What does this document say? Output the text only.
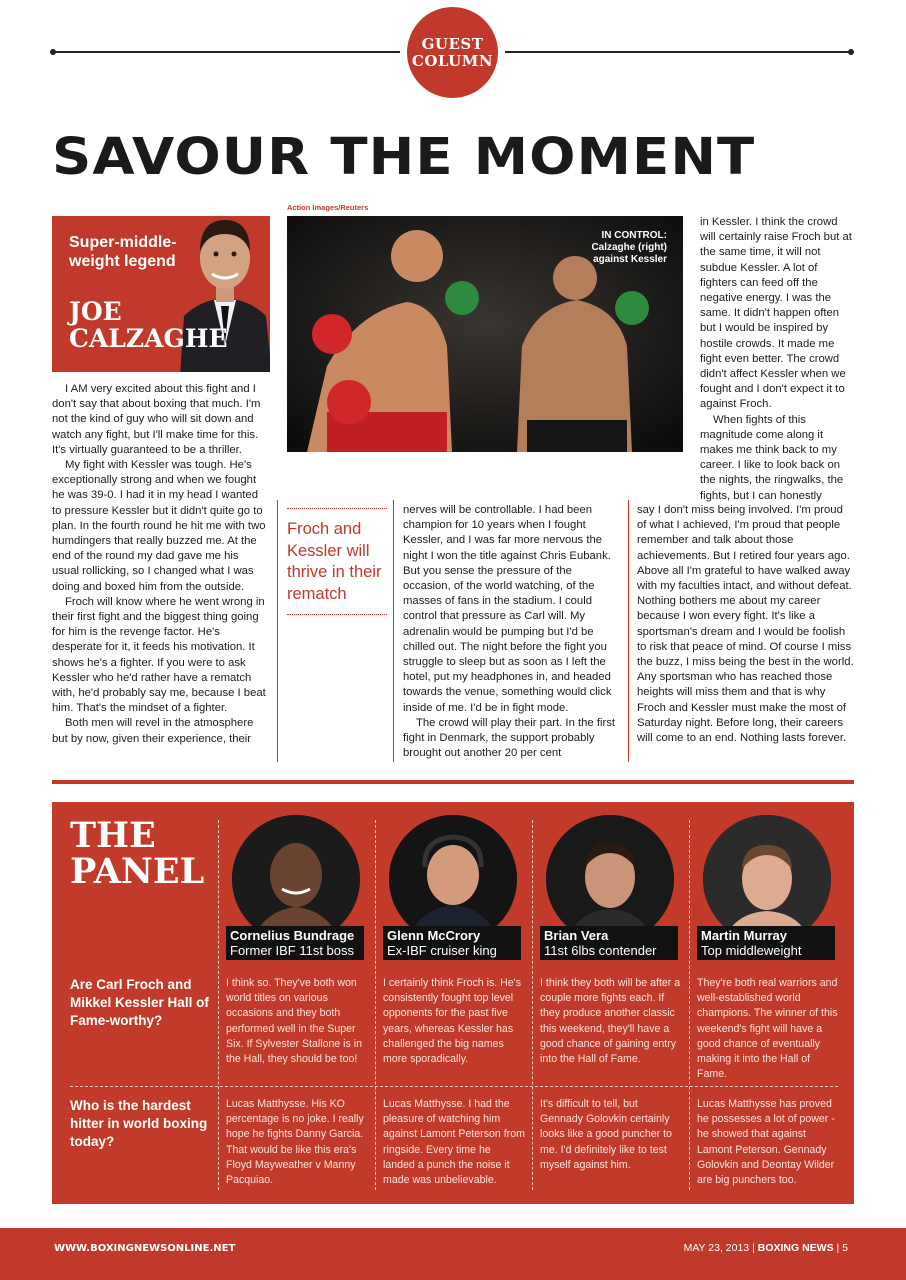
GUEST
COLUMN
SAVOUR THE MOMENT
Action Images/Reuters
Super-middle-
weight legend
JOE
CALZAGHE
IN CONTROL:
Calzaghe (right)
against Kessler

I AM very excited about this fight and I don't say that about boxing that much. I'm not the kind of guy who will sit down and watch any fight, but I'll make time for this. It's virtually guaranteed to be a thriller.

My fight with Kessler was tough. He's exceptionally strong and when we fought he was 39-0. I had it in my head I wanted to pressure Kessler but it didn't quite go to plan. In the fourth round he hit me with two humdingers that really buzzed me. At the end of the round my dad gave me his usual rollicking, so I changed what I was doing and boxed him from the outside.

Froch will know where he went wrong in their first fight and the biggest thing going for him is the revenge factor. He's desperate for it, it feeds his motivation. It shows he's a fighter. If you were to ask Kessler who he'd rather have a rematch with, he'd probably say me, because I beat him. That's the mindset of a fighter.

Both men will revel in the atmosphere but by now, given their experience, their

Froch and Kessler will thrive in their rematch

nerves will be controllable. I had been champion for 10 years when I fought Kessler, and I was far more nervous the night I won the title against Chris Eubank. But you sense the pressure of the occasion, of the world watching, of the masses of fans in the stadium. I could control that pressure as Carl will. My adrenalin would be pumping but I'd be chilled out. The night before the fight you struggle to sleep but as soon as I left the hotel, put my headphones in, and headed towards the venue, something would click inside of me. I'd be in fight mode.

The crowd will play their part. In the first fight in Denmark, the support probably brought out another 20 per cent

in Kessler. I think the crowd will certainly raise Froch but at the same time, it will not subdue Kessler. A lot of fighters can feed off the negative energy. I was the same. It didn't happen often but I would be inspired by hostile crowds. It made me fight even better. The crowd didn't affect Kessler when we fought and I don't expect it to against Froch.

When fights of this magnitude come along it makes me think back to my career. I like to look back on the nights, the ringwalks, the fights, but I can honestly

say I don't miss being involved. I'm proud of what I achieved, I'm proud that people remember and talk about those achievements. But I retired four years ago. Above all I'm grateful to have walked away with my faculties intact, and without defeat. Nothing bothers me about my career because I won every fight. It's like a sportsman's dream and I would be foolish to risk that peace of mind. Of course I miss the buzz, I miss being the best in the world. Any sportsman who has reached those heights will miss them and that is why Froch and Kessler must make the most of Saturday night. Before long, their careers will come to an end. Nothing lasts forever.

THE
PANEL
Cornelius Bundrage
Former IBF 11st boss
Glenn McCrory
Ex-IBF cruiser king
Brian Vera
11st 6lbs contender
Martin Murray
Top middleweight
Are Carl Froch and Mikkel Kessler Hall of Fame-worthy?
Who is the hardest hitter in world boxing today?
I think so. They've both won world titles on various occasions and they both performed well in the Super Six. If Sylvester Stallone is in the Hall, they should be too!
I certainly think Froch is. He's consistently fought top level opponents for the past five years, whereas Kessler has challenged the big names more sporadically.
I think they both will be after a couple more fights each. If they produce another classic this weekend, they'll have a good chance of gaining entry into the Hall of Fame.
They're both real warriors and well-established world champions. The winner of this weekend's fight will have a good chance of eventually making it into the Hall of Fame.
Lucas Matthysse. His KO percentage is no joke. I really hope he fights Danny Garcia. That would be like this era's Floyd Mayweather v Manny Pacquiao.
Lucas Matthysse. I had the pleasure of watching him against Lamont Peterson from ringside. Every time he landed a punch the noise it made was unbelievable.
It's difficult to tell, but Gennady Golovkin certainly looks like a good puncher to me. I'd definitely like to test myself against him.
Lucas Matthysse has proved he possesses a lot of power - he showed that against Lamont Peterson. Gennady Golovkin and Deontay Wilder are big punchers too.
WWW.BOXINGNEWSONLINE.NET	MAY 23, 2013 | BOXING NEWS | 5
